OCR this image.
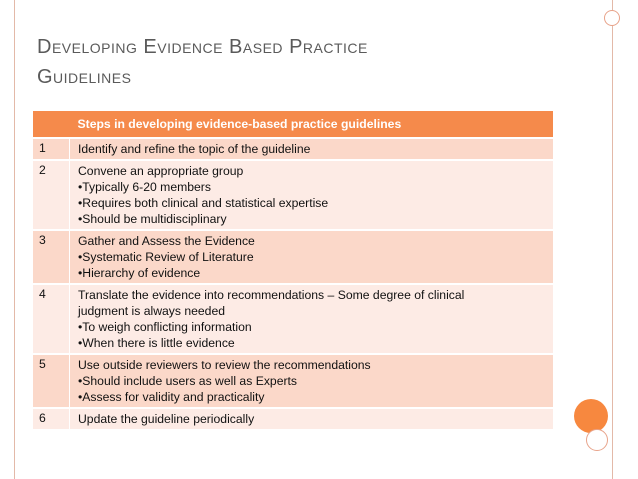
Developing Evidence Based Practice
Guidelines
	Steps in developing evidence-based practice guidelines
1	Identify and refine the topic of the guideline

2	Convene an appropriate group
•Typically 6-20 members
•Requires both clinical and statistical expertise
•Should be multidisciplinary

3	Gather and Assess the Evidence
•Systematic Review of Literature
•Hierarchy of evidence

4	Translate the evidence into recommendations – Some degree of clinical
judgment is always needed
•To weigh conflicting information
•When there is little evidence

5	Use outside reviewers to review the recommendations
•Should include users as well as Experts
•Assess for validity and practicality

6	Update the guideline periodically
